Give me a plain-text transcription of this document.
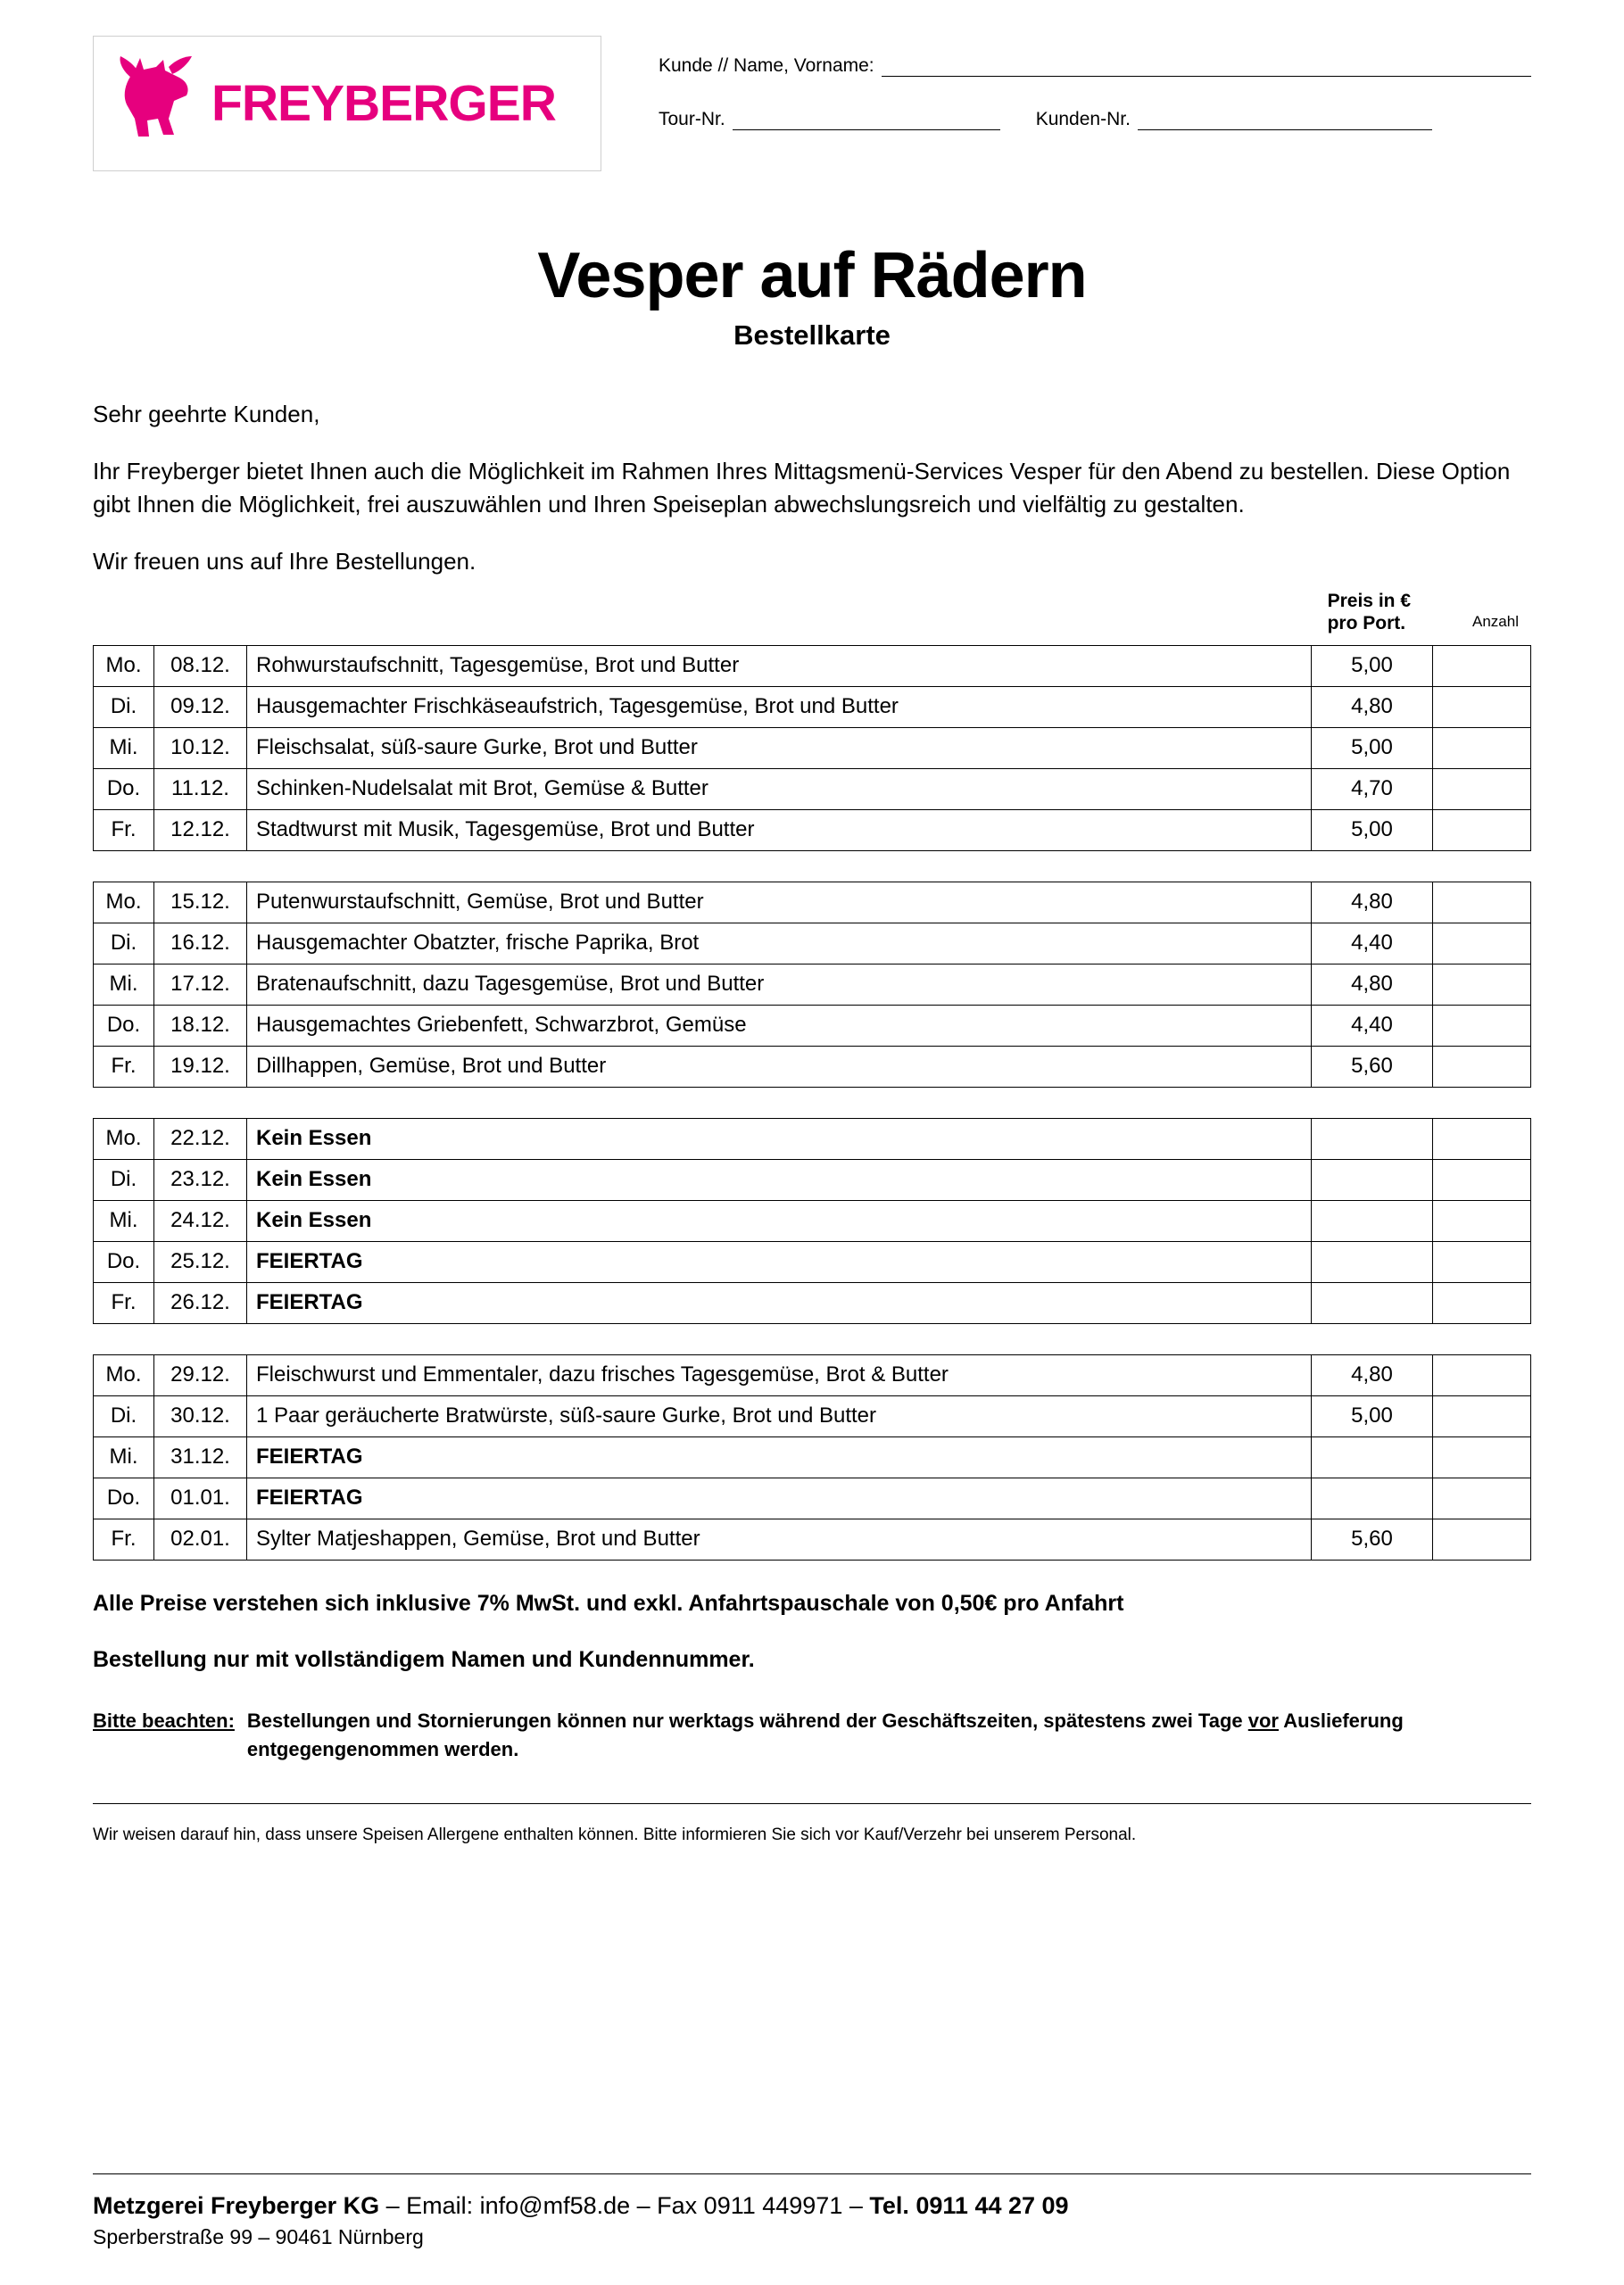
FREYBERGER
Kunde // Name, Vorname:
Tour-Nr.	Kunden-Nr.
Vesper auf Rädern
Bestellkarte

Sehr geehrte Kunden,

Ihr Freyberger bietet Ihnen auch die Möglichkeit im Rahmen Ihres Mittagsmenü-Services Vesper für den Abend zu bestellen. Diese Option gibt Ihnen die Möglichkeit, frei auszuwählen und Ihren Speiseplan abwechslungsreich und vielfältig zu gestalten.

Wir freuen uns auf Ihre Bestellungen.

Preis in €
pro Port.	Anzahl
Mo.	08.12.	Rohwurstaufschnitt, Tagesgemüse, Brot und Butter	5,00	
Di.	09.12.	Hausgemachter Frischkäseaufstrich, Tagesgemüse, Brot und Butter	4,80	
Mi.	10.12.	Fleischsalat, süß-saure Gurke, Brot und Butter	5,00	
Do.	11.12.	Schinken-Nudelsalat mit Brot, Gemüse & Butter	4,70	
Fr.	12.12.	Stadtwurst mit Musik, Tagesgemüse, Brot und Butter	5,00	
Mo.	15.12.	Putenwurstaufschnitt, Gemüse, Brot und Butter	4,80	
Di.	16.12.	Hausgemachter Obatzter, frische Paprika, Brot	4,40	
Mi.	17.12.	Bratenaufschnitt, dazu Tagesgemüse, Brot und Butter	4,80	
Do.	18.12.	Hausgemachtes Griebenfett, Schwarzbrot, Gemüse	4,40	
Fr.	19.12.	Dillhappen, Gemüse, Brot und Butter	5,60	
Mo.	22.12.	Kein Essen		
Di.	23.12.	Kein Essen		
Mi.	24.12.	Kein Essen		
Do.	25.12.	FEIERTAG		
Fr.	26.12.	FEIERTAG		
Mo.	29.12.	Fleischwurst und Emmentaler, dazu frisches Tagesgemüse, Brot & Butter	4,80	
Di.	30.12.	1 Paar geräucherte Bratwürste, süß-saure Gurke, Brot und Butter	5,00	
Mi.	31.12.	FEIERTAG		
Do.	01.01.	FEIERTAG		
Fr.	02.01.	Sylter Matjeshappen, Gemüse, Brot und Butter	5,60	
Alle Preise verstehen sich inklusive 7% MwSt. und exkl. Anfahrtspauschale von 0,50€ pro Anfahrt
Bestellung nur mit vollständigem Namen und Kundennummer.
Bitte beachten: Bestellungen und Stornierungen können nur werktags während der Geschäftszeiten, spätestens zwei Tage vor Auslieferung entgegengenommen werden.
Wir weisen darauf hin, dass unsere Speisen Allergene enthalten können. Bitte informieren Sie sich vor Kauf/Verzehr bei unserem Personal.
Metzgerei Freyberger KG – Email: info@mf58.de – Fax 0911 449971 – Tel. 0911 44 27 09
Sperberstraße 99 – 90461 Nürnberg
